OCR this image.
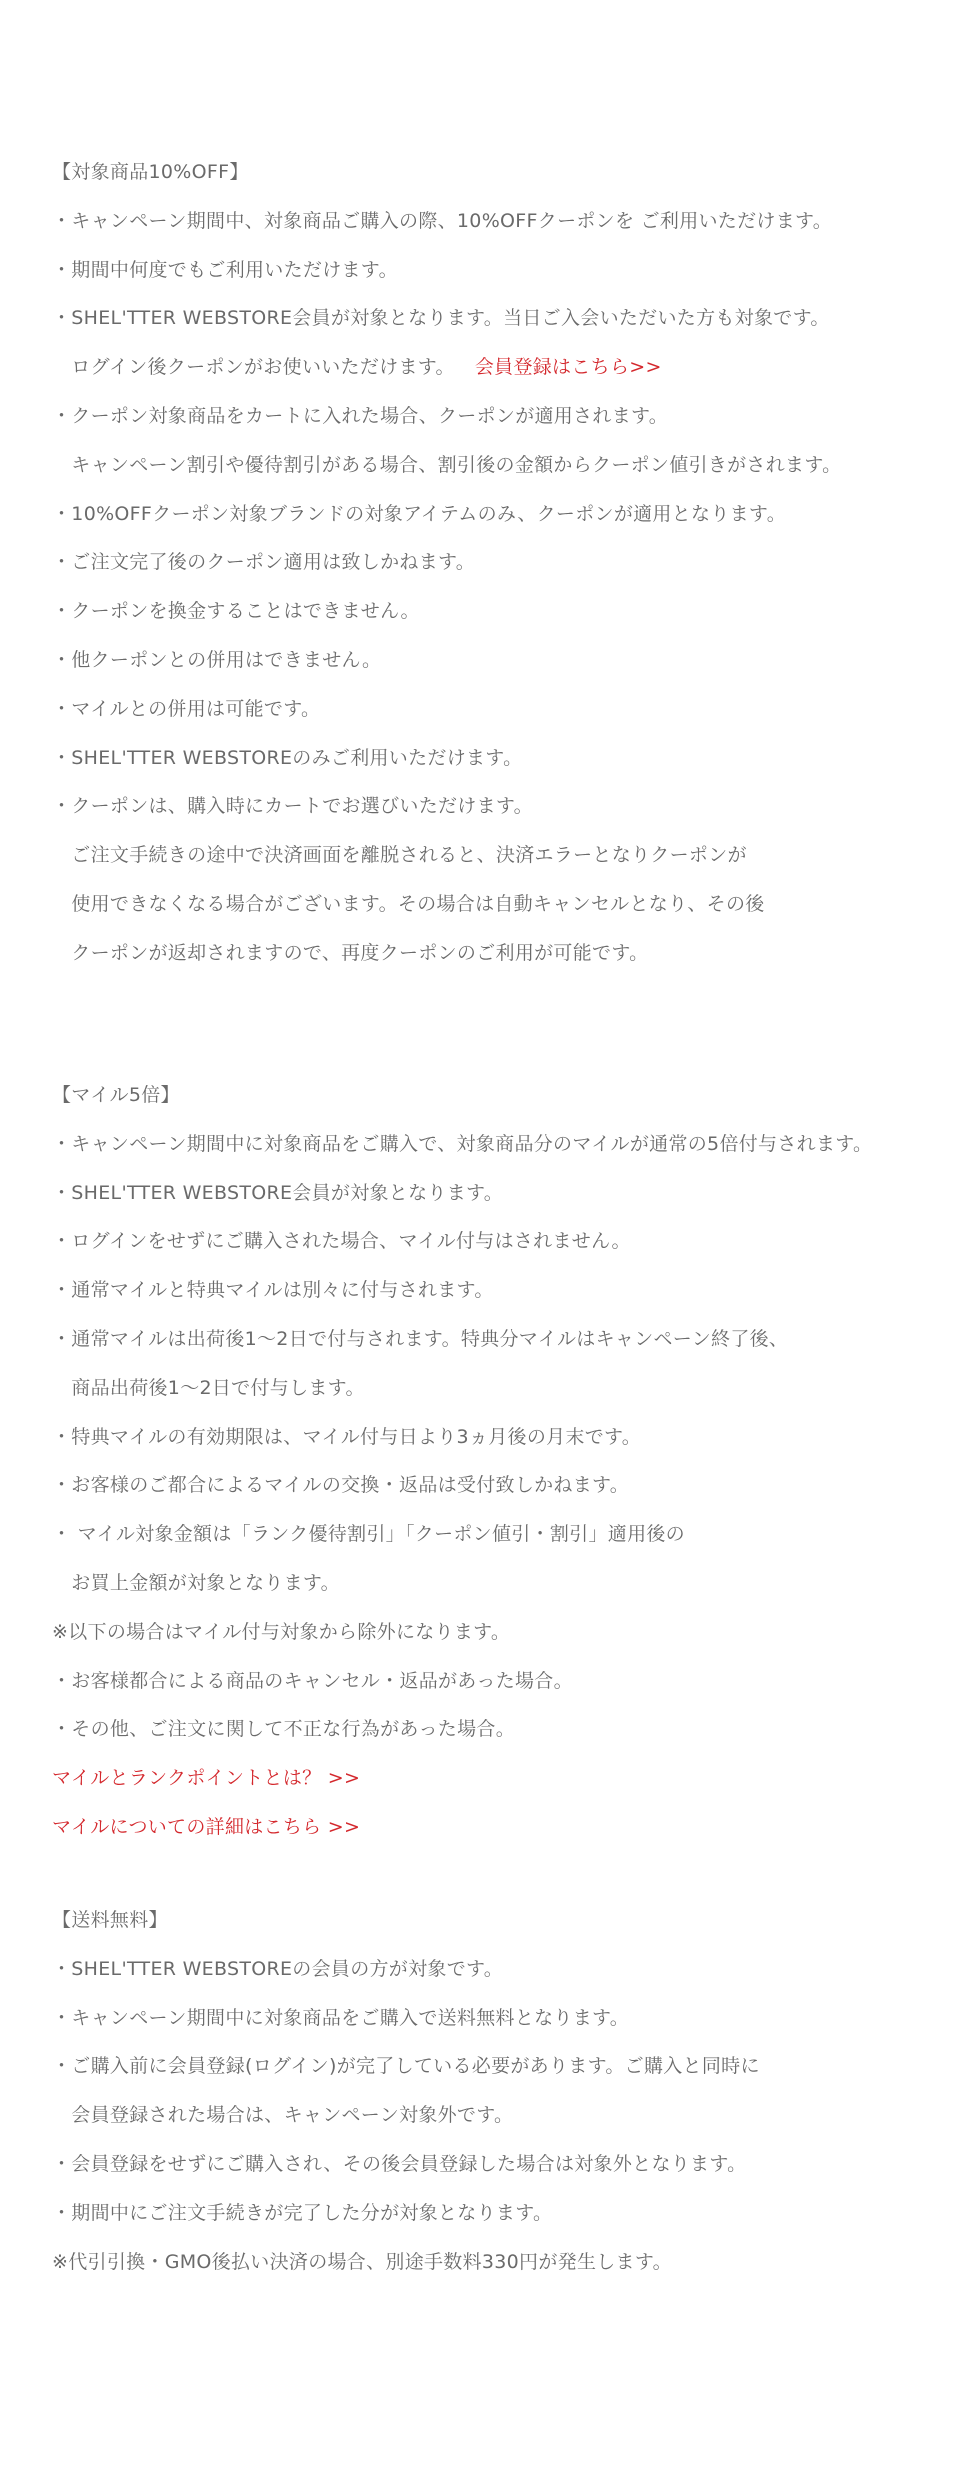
【対象商品10%OFF】
・キャンペーン期間中、対象商品ご購入の際、10%OFFクーポンを ご利用いただけます。
・期間中何度でもご利用いただけます。
・SHEL'TTER WEBSTORE会員が対象となります。当日ご入会いただいた方も対象です。
　ログイン後クーポンがお使いいただけます。 会員登録はこちら>>
・クーポン対象商品をカートに入れた場合、クーポンが適用されます。
　キャンペーン割引や優待割引がある場合、割引後の金額からクーポン値引きがされます。
・10%OFFクーポン対象ブランドの対象アイテムのみ、クーポンが適用となります。
・ご注文完了後のクーポン適用は致しかねます。
・クーポンを換金することはできません。
・他クーポンとの併用はできません。
・マイルとの併用は可能です。
・SHEL'TTER WEBSTOREのみご利用いただけます。
・クーポンは、購入時にカートでお選びいただけます。
　ご注文手続きの途中で決済画面を離脱されると、決済エラーとなりクーポンが
　使用できなくなる場合がございます。その場合は自動キャンセルとなり、その後
　クーポンが返却されますので、再度クーポンのご利用が可能です。
【マイル5倍】
・キャンペーン期間中に対象商品をご購入で、対象商品分のマイルが通常の5倍付与されます。
・SHEL'TTER WEBSTORE会員が対象となります。
・ログインをせずにご購入された場合、マイル付与はされません。
・通常マイルと特典マイルは別々に付与されます。
・通常マイルは出荷後1～2日で付与されます。特典分マイルはキャンペーン終了後、
　商品出荷後1～2日で付与します。
・特典マイルの有効期限は、マイル付与日より3ヵ月後の月末です。
・お客様のご都合によるマイルの交換・返品は受付致しかねます。
・ マイル対象金額は「ランク優待割引」「クーポン値引・割引」適用後の
　お買上金額が対象となります。
※以下の場合はマイル付与対象から除外になります。
・お客様都合による商品のキャンセル・返品があった場合。
・その他、ご注文に関して不正な行為があった場合。
マイルとランクポイントとは？ >>
マイルについての詳細はこちら >>
【送料無料】
・SHEL'TTER WEBSTOREの会員の方が対象です。
・キャンペーン期間中に対象商品をご購入で送料無料となります。
・ご購入前に会員登録(ログイン)が完了している必要があります。ご購入と同時に
　会員登録された場合は、キャンペーン対象外です。
・会員登録をせずにご購入され、その後会員登録した場合は対象外となります。
・期間中にご注文手続きが完了した分が対象となります。
※代引引換・GMO後払い決済の場合、別途手数料330円が発生します。
